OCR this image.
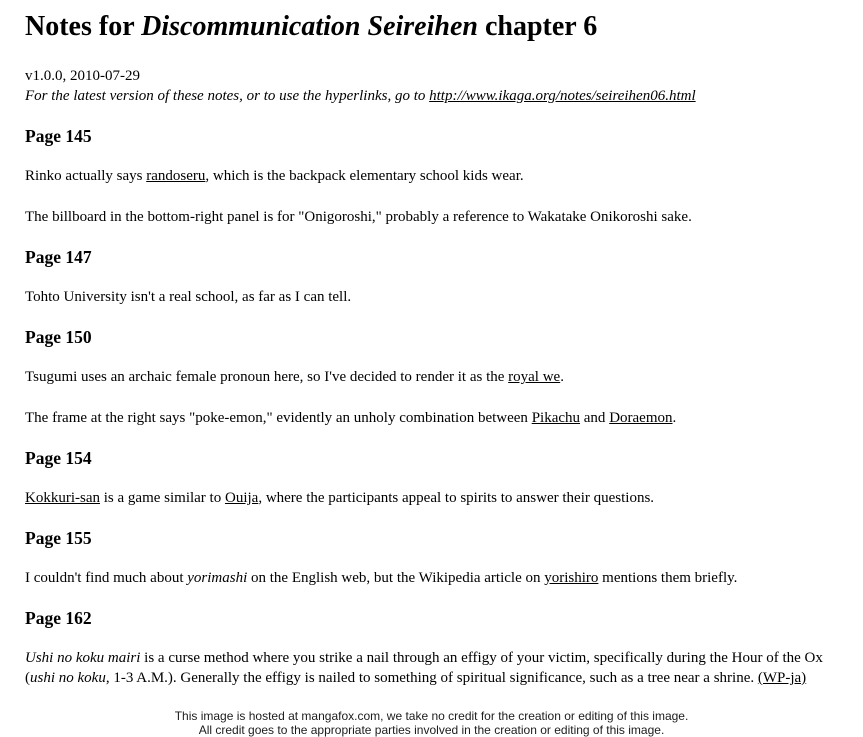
Notes for Discommunication Seireihen chapter 6
v1.0.0, 2010-07-29
For the latest version of these notes, or to use the hyperlinks, go to http://www.ikaga.org/notes/seireihen06.html
Page 145

Rinko actually says randoseru, which is the backpack elementary school kids wear.

The billboard in the bottom-right panel is for "Onigoroshi," probably a reference to Wakatake Onikoroshi sake.

Page 147

Tohto University isn't a real school, as far as I can tell.

Page 150

Tsugumi uses an archaic female pronoun here, so I've decided to render it as the royal we.

The frame at the right says "poke-emon," evidently an unholy combination between Pikachu and Doraemon.

Page 154

Kokkuri-san is a game similar to Ouija, where the participants appeal to spirits to answer their questions.

Page 155

I couldn't find much about yorimashi on the English web, but the Wikipedia article on yorishiro mentions them briefly.

Page 162

Ushi no koku mairi is a curse method where you strike a nail through an effigy of your victim, specifically during the Hour of the Ox (ushi no koku, 1-3 A.M.). Generally the effigy is nailed to something of spiritual significance, such as a tree near a shrine. (WP-ja)

This image is hosted at mangafox.com, we take no credit for the creation or editing of this image.
All credit goes to the appropriate parties involved in the creation or editing of this image.
